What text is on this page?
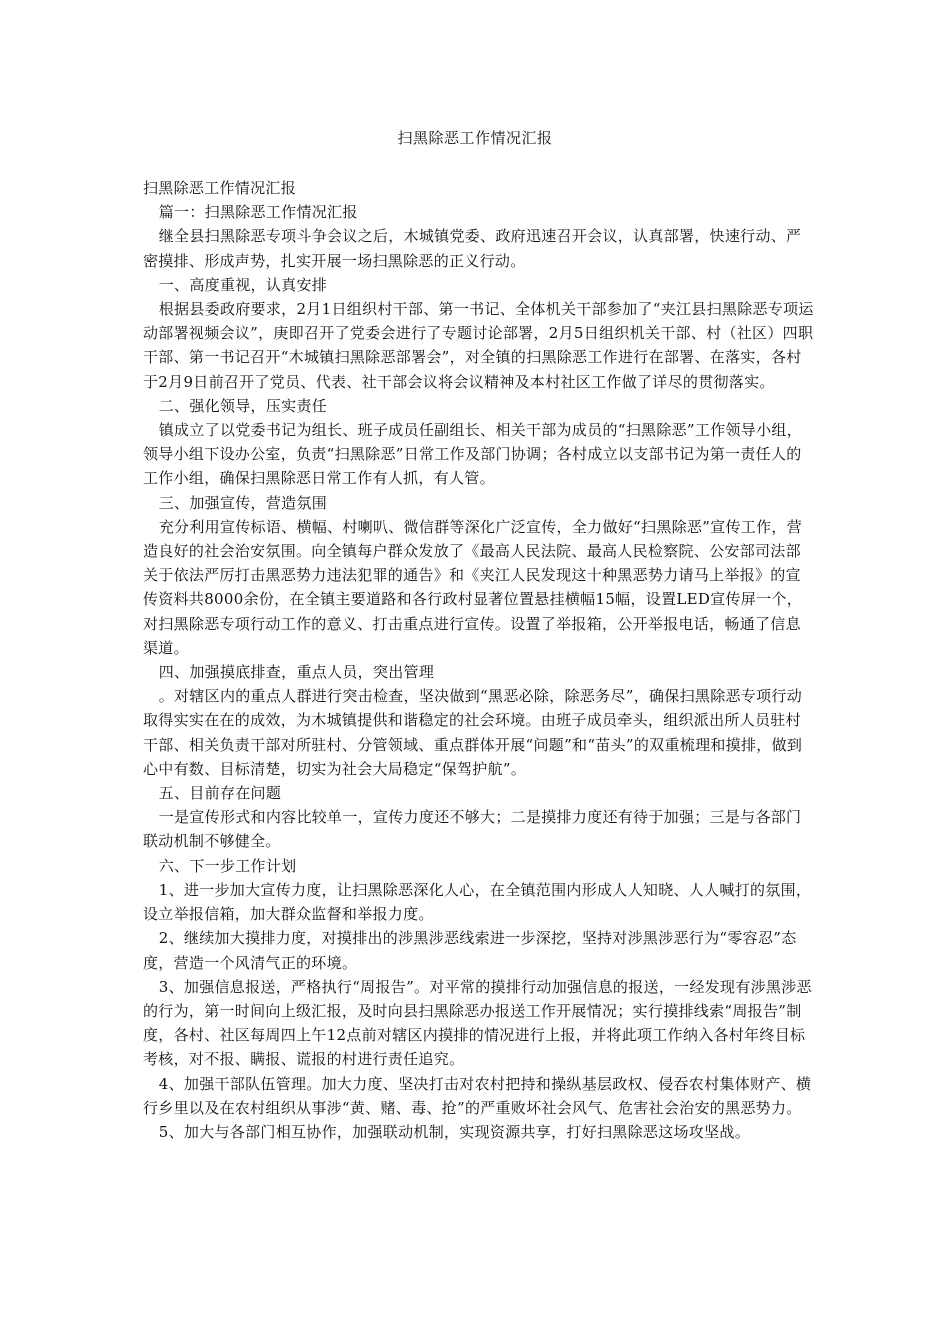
扫黑除恶工作情况汇报

扫黑除恶工作情况汇报

篇一：扫黑除恶工作情况汇报

继全县扫黑除恶专项斗争会议之后，木城镇党委、政府迅速召开会议，认真部署，快速行动、严密摸排、形成声势，扎实开展一场扫黑除恶的正义行动。

一、高度重视，认真安排

根据县委政府要求，2月1日组织村干部、第一书记、全体机关干部参加了“夹江县扫黑除恶专项运动部署视频会议”，庚即召开了党委会进行了专题讨论部署，2月5日组织机关干部、村（社区）四职干部、第一书记召开“木城镇扫黑除恶部署会”，对全镇的扫黑除恶工作进行在部署、在落实，各村于2月9日前召开了党员、代表、社干部会议将会议精神及本村社区工作做了详尽的贯彻落实。

二、强化领导，压实责任

镇成立了以党委书记为组长、班子成员任副组长、相关干部为成员的“扫黑除恶”工作领导小组，领导小组下设办公室，负责“扫黑除恶”日常工作及部门协调；各村成立以支部书记为第一责任人的工作小组，确保扫黑除恶日常工作有人抓，有人管。

三、加强宣传，营造氛围

充分利用宣传标语、横幅、村喇叭、微信群等深化广泛宣传，全力做好“扫黑除恶”宣传工作，营造良好的社会治安氛围。向全镇每户群众发放了《最高人民法院、最高人民检察院、公安部司法部关于依法严厉打击黑恶势力违法犯罪的通告》和《夹江人民发现这十种黑恶势力请马上举报》的宣传资料共8000余份，在全镇主要道路和各行政村显著位置悬挂横幅15幅，设置LED宣传屏一个，对扫黑除恶专项行动工作的意义、打击重点进行宣传。设置了举报箱，公开举报电话，畅通了信息渠道。

四、加强摸底排查，重点人员，突出管理

。对辖区内的重点人群进行突击检查，坚决做到“黑恶必除，除恶务尽”，确保扫黑除恶专项行动取得实实在在的成效，为木城镇提供和谐稳定的社会环境。由班子成员牵头，组织派出所人员驻村干部、相关负责干部对所驻村、分管领域、重点群体开展“问题”和“苗头”的双重梳理和摸排，做到心中有数、目标清楚，切实为社会大局稳定“保驾护航”。

五、目前存在问题

一是宣传形式和内容比较单一，宣传力度还不够大；二是摸排力度还有待于加强；三是与各部门联动机制不够健全。

六、下一步工作计划

1、进一步加大宣传力度，让扫黑除恶深化人心，在全镇范围内形成人人知晓、人人喊打的氛围，设立举报信箱，加大群众监督和举报力度。

2、继续加大摸排力度，对摸排出的涉黑涉恶线索进一步深挖，坚持对涉黑涉恶行为“零容忍”态度，营造一个风清气正的环境。

3、加强信息报送，严格执行“周报告”。对平常的摸排行动加强信息的报送，一经发现有涉黑涉恶的行为，第一时间向上级汇报，及时向县扫黑除恶办报送工作开展情况；实行摸排线索“周报告”制度，各村、社区每周四上午12点前对辖区内摸排的情况进行上报，并将此项工作纳入各村年终目标考核，对不报、瞒报、谎报的村进行责任追究。

4、加强干部队伍管理。加大力度、坚决打击对农村把持和操纵基层政权、侵吞农村集体财产、横行乡里以及在农村组织从事涉“黄、赌、毒、抢”的严重败坏社会风气、危害社会治安的黑恶势力。

5、加大与各部门相互协作，加强联动机制，实现资源共享，打好扫黑除恶这场攻坚战。
